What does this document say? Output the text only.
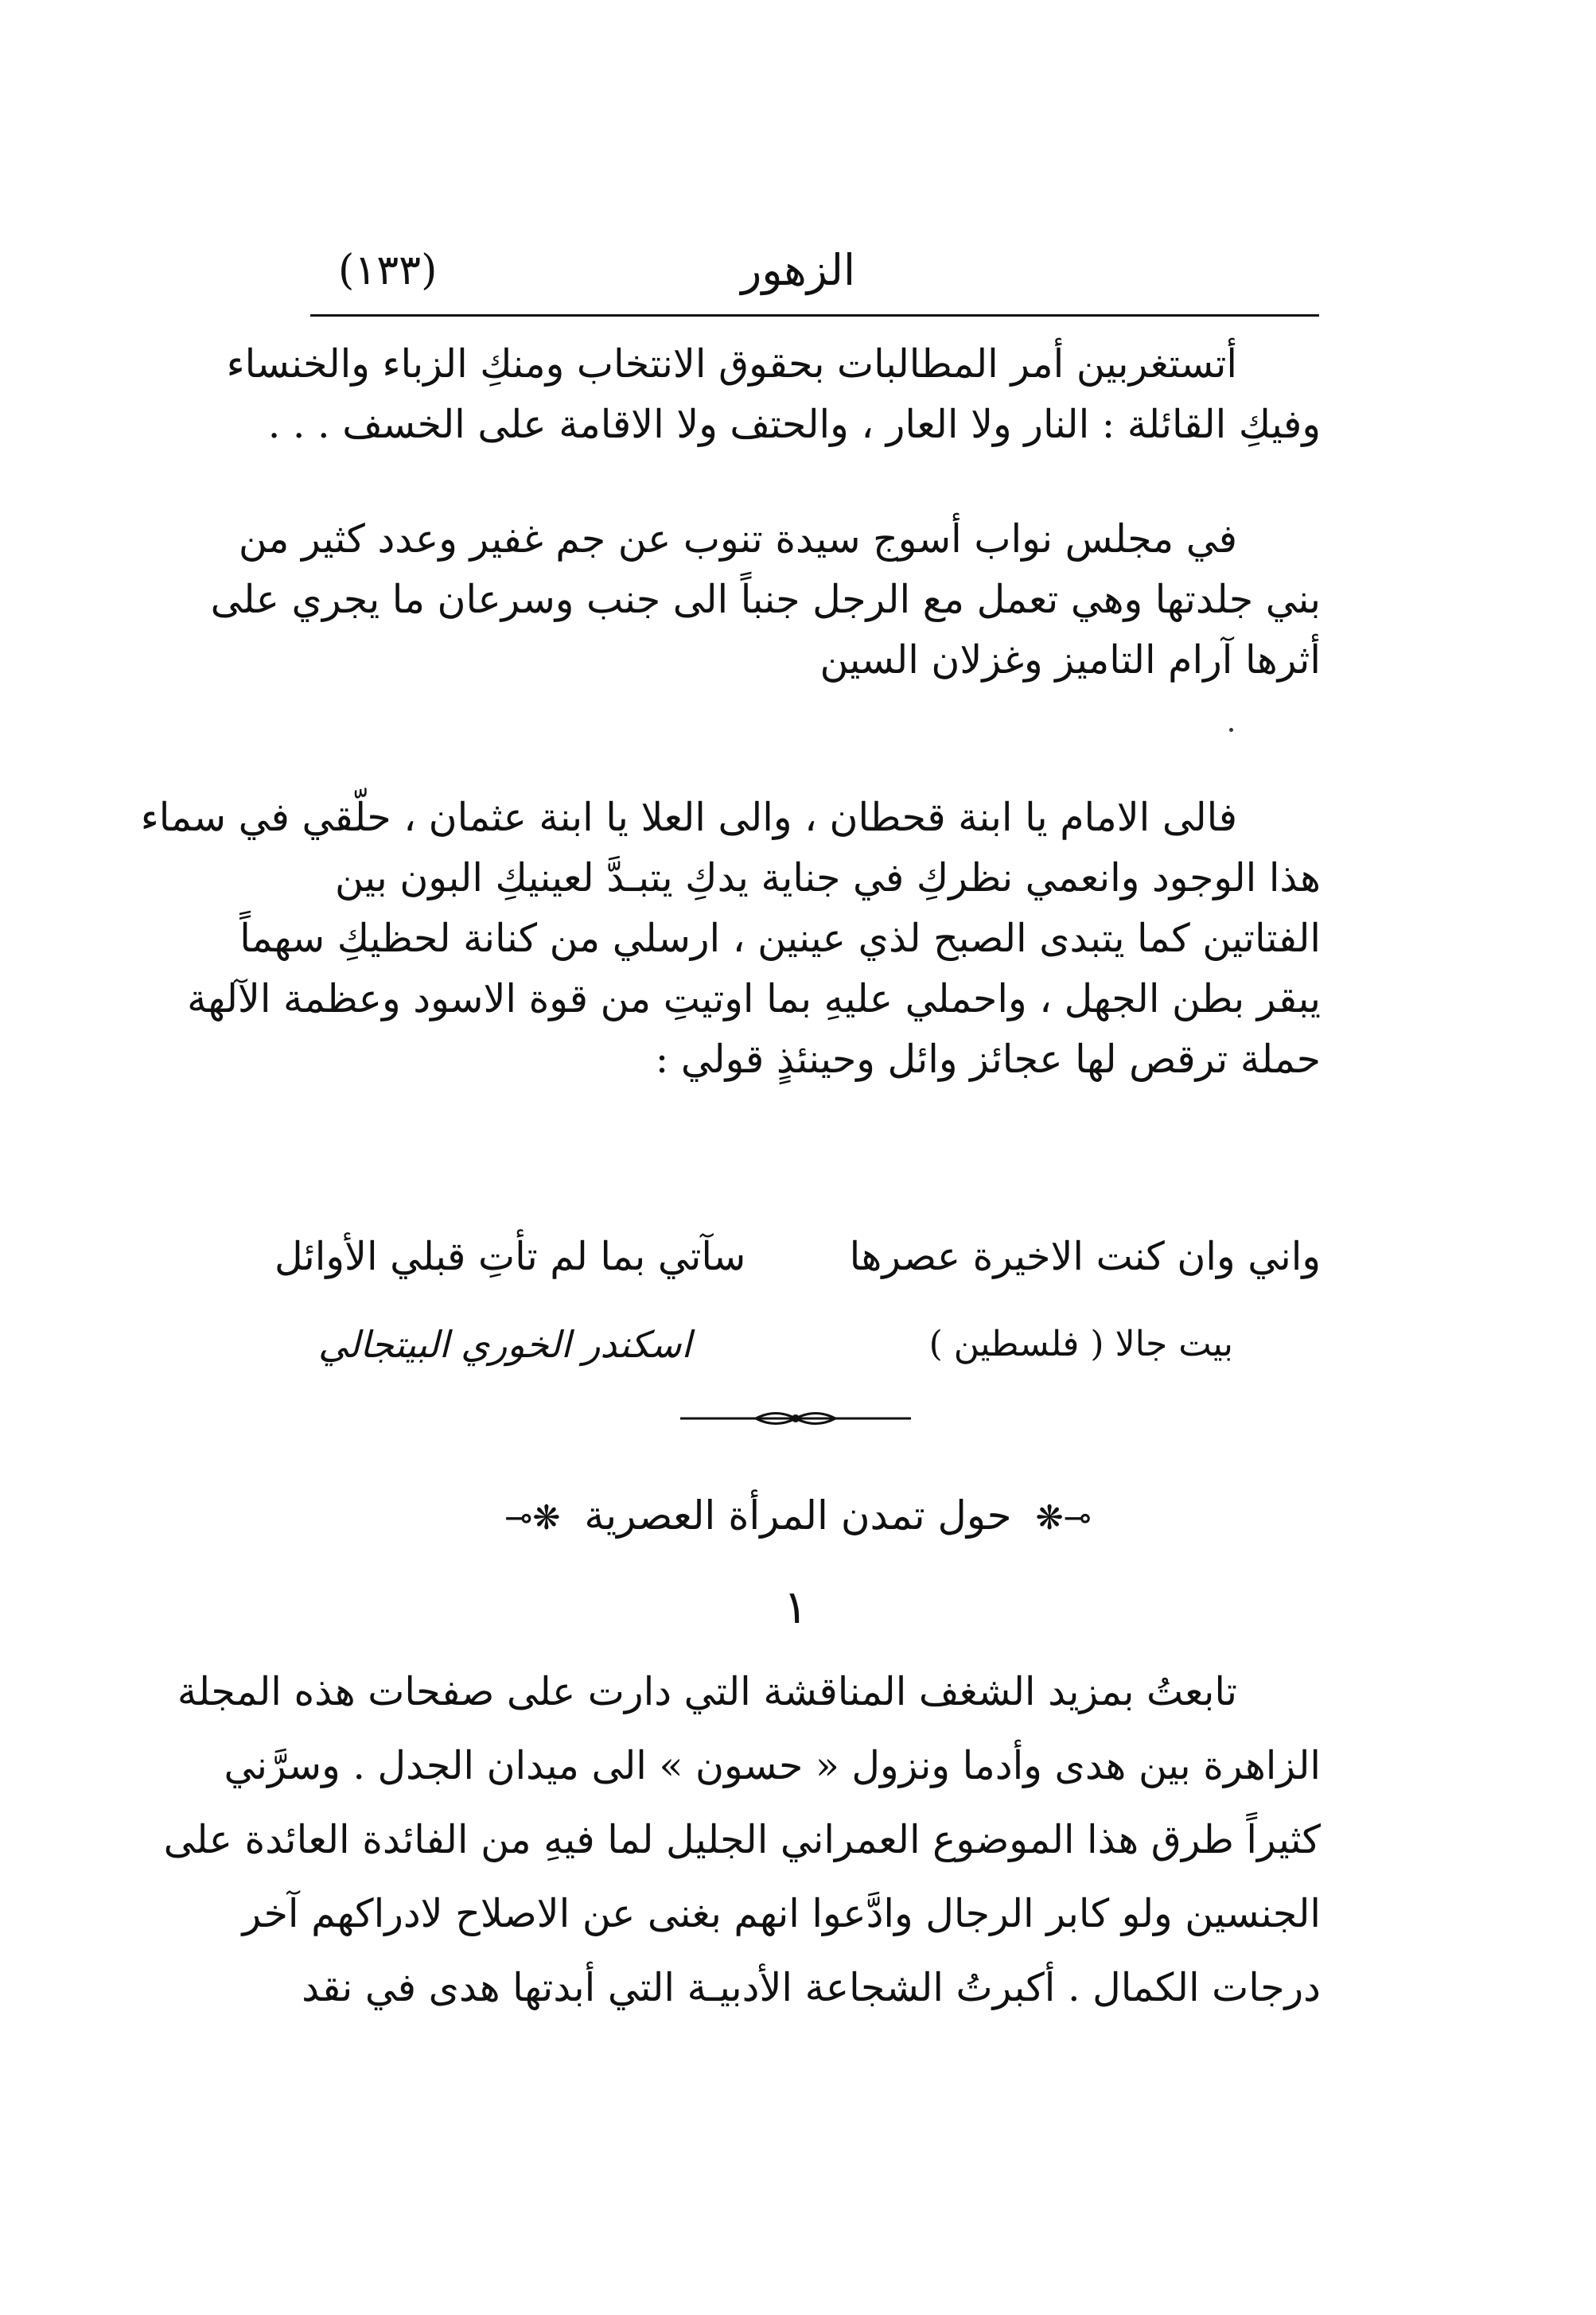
الزهور
(١٣٣)
أتستغربين أمر المطالبات بحقوق الانتخاب ومنكِ الزباء والخنساء
وفيكِ القائلة : النار ولا العار ، والحتف ولا الاقامة على الخسف . . .
في مجلس نواب أسوج سيدة تنوب عن جم غفير وعدد كثير من
بني جلدتها وهي تعمل مع الرجل جنباً الى جنب وسرعان ما يجري على
أثرها آرام التاميز وغزلان السين
فالى الامام يا ابنة قحطان ، والى العلا يا ابنة عثمان ، حلّقي في سماء
هذا الوجود وانعمي نظركِ في جناية يدكِ يتبـدَّ لعينيكِ البون بين
الفتاتين كما يتبدى الصبح لذي عينين ، ارسلي من كنانة لحظيكِ سهماً
يبقر بطن الجهل ، واحملي عليهِ بما اوتيتِ من قوة الاسود وعظمة الآلهة
حملة ترقص لها عجائز وائل وحينئذٍ قولي :
واني وان كنت الاخيرة عصرها
سآتي بما لم تأتِ قبلي الأوائل
بيت جالا ( فلسطين )
اسكندر الخوري البيتجالي
⊸❋ حول تمدن المرأة العصرية ❋⟜
١
تابعتُ بمزيد الشغف المناقشة التي دارت على صفحات هذه المجلة
الزاهرة بين هدى وأدما ونزول « حسون » الى ميدان الجدل . وسرَّني
كثيراً طرق هذا الموضوع العمراني الجليل لما فيهِ من الفائدة العائدة على
الجنسين ولو كابر الرجال وادَّعوا انهم بغنى عن الاصلاح لادراكهم آخر
درجات الكمال . أكبرتُ الشجاعة الأدبيـة التي أبدتها هدى في نقد
